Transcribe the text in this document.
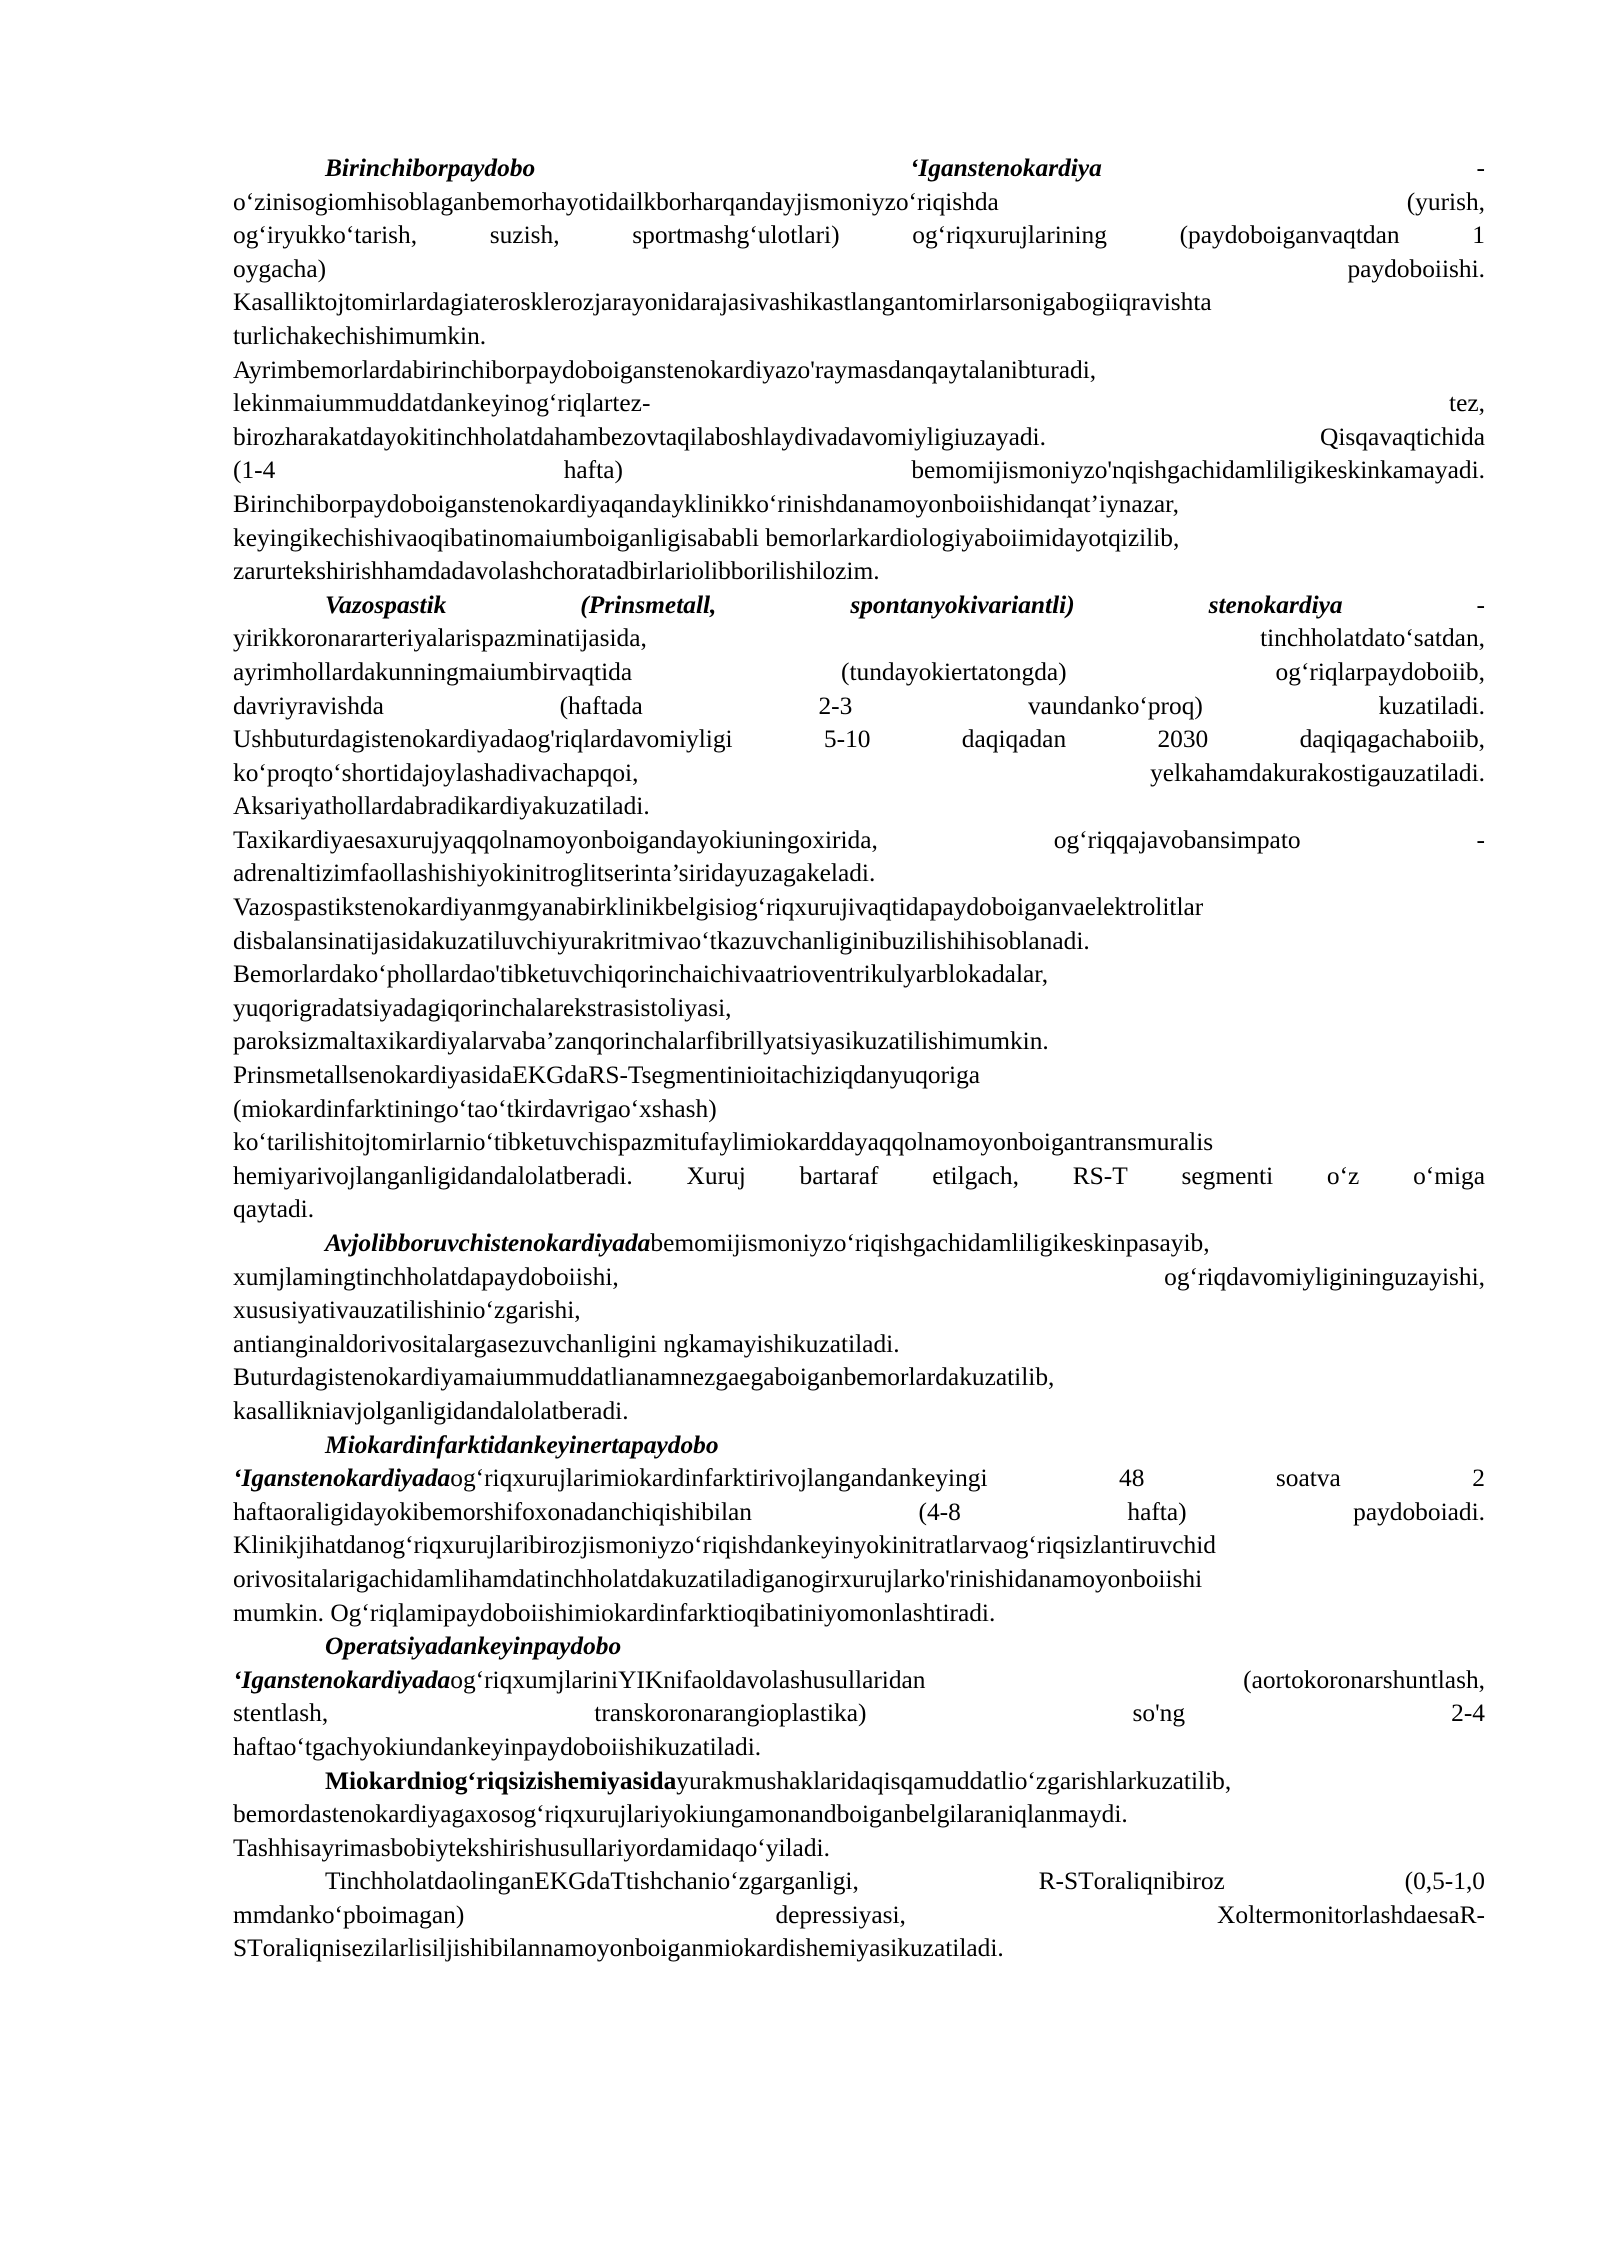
Birinchiborpaydobo	‘Iganstenokardiya	-
o‘zinisogiomhisoblaganbemorhayotidailkborharqandayjismoniyzo‘riqishda	(yurish,
og‘iryukko‘tarish,	suzish,	sportmashg‘ulotlari)	og‘riqxurujlarining	(paydoboiganvaqtdan	1
oygacha)	paydoboiishi.
Kasalliktojtomirlardagiaterosklerozjarayonidarajasivashikastlangantomirlarsonigabogiiqravishta
turlichakechishimumkin.
Ayrimbemorlardabirinchiborpaydoboiganstenokardiyazo'raymasdanqaytalanibturadi,
lekinmaiummuddatdankeyinog‘riqlartez-	tez,
birozharakatdayokitinchholatdahambezovtaqilaboshlaydivadavomiyligiuzayadi.	Qisqavaqtichida
(1-4	hafta)	bemomijismoniyzo'nqishgachidamliligikeskinkamayadi.
Birinchiborpaydoboiganstenokardiyaqandayklinikko‘rinishdanamoyonboiishidanqat’iynazar,
keyingikechishivaoqibatinomaiumboiganligisababli bemorlarkardiologiyaboiimidayotqizilib,
zarurtekshirishhamdadavolashchoratadbirlariolibborilishilozim.
Vazospastik	(Prinsmetall,	spontanyokivariantli)	stenokardiya	-
yirikkoronararteriyalarispazminatijasida,	tinchholatdato‘satdan,
ayrimhollardakunningmaiumbirvaqtida	(tundayokiertatongda)	og‘riqlarpaydoboiib,
davriyravishda	(haftada	2-3	vaundanko‘proq)	kuzatiladi.
Ushbuturdagistenokardiyadaog'riqlardavomiyligi	5-10	daqiqadan	2030	daqiqagachaboiib,
ko‘proqto‘shortidajoylashadivachapqoi,	yelkahamdakurakostigauzatiladi.
Aksariyathollardabradikardiyakuzatiladi.
Taxikardiyaesaxurujyaqqolnamoyonboigandayokiuningoxirida,	og‘riqqajavobansimpato	-
adrenaltizimfaollashishiyokinitroglitserinta’siridayuzagakeladi.
Vazospastikstenokardiyanmgyanabirklinikbelgisiog‘riqxurujivaqtidapaydoboiganvaelektrolitlar
disbalansinatijasidakuzatiluvchiyurakritmivao‘tkazuvchanliginibuzilishihisoblanadi.
Bemorlardako‘phollardao'tibketuvchiqorinchaichivaatrioventrikulyarblokadalar,
yuqorigradatsiyadagiqorinchalarekstrasistoliyasi,
paroksizmaltaxikardiyalarvaba’zanqorinchalarfibrillyatsiyasikuzatilishimumkin.
PrinsmetallsenokardiyasidaEKGdaRS-Tsegmentinioitachiziqdanyuqoriga
(miokardinfarktiningo‘tao‘tkirdavrigao‘xshash)
ko‘tarilishitojtomirlarnio‘tibketuvchispazmitufaylimiokarddayaqqolnamoyonboigantransmuralis
hemiyarivojlanganligidandalolatberadi. Xuruj bartaraf etilgach, RS-T segmenti o‘z o‘miga
qaytadi.
Avjolibboruvchistenokardiyadabemomijismoniyzo‘riqishgachidamliligikeskinpasayib,
xumjlamingtinchholatdapaydoboiishi,	og‘riqdavomiyligininguzayishi,
xususiyativauzatilishinio‘zgarishi,
antianginaldorivositalargasezuvchanligini ngkamayishikuzatiladi.
Buturdagistenokardiyamaiummuddatlianamnezgaegaboiganbemorlardakuzatilib,
kasallikniavjolganligidandalolatberadi.
Miokardinfarktidankeyinertapaydobo
‘Iganstenokardiyadaog‘riqxurujlarimiokardinfarktirivojlangandankeyingi	48	soatva	2
haftaoraligidayokibemorshifoxonadanchiqishibilan	(4-8	hafta)	paydoboiadi.
Klinikjihatdanog‘riqxurujlaribirozjismoniyzo‘riqishdankeyinyokinitratlarvaog‘riqsizlantiruvchid
orivositalarigachidamlihamdatinchholatdakuzatiladiganogirxurujlarko'rinishidanamoyonboiishi
mumkin. Og‘riqlamipaydoboiishimiokardinfarktioqibatiniyomonlashtiradi.
Operatsiyadankeyinpaydobo
‘Iganstenokardiyadaog‘riqxumjlariniYIKnifaoldavolashusullaridan	(aortokoronarshuntlash,
stentlash,	transkoronarangioplastika)	so'ng	2-4
haftao‘tgachyokiundankeyinpaydoboiishikuzatiladi.
Miokardniog‘riqsizishemiyasidayurakmushaklaridaqisqamuddatlio‘zgarishlarkuzatilib,
bemordastenokardiyagaxosog‘riqxurujlariyokiungamonandboiganbelgilaraniqlanmaydi.
Tashhisayrimasbobiytekshirishusullariyordamidaqo‘yiladi.
TinchholatdaolinganEKGdaTtishchanio‘zgarganligi,	R-STоraliqnibiroz	(0,5-1,0
mmdanko‘pboimagan)	depressiyasi,	XoltermonitorlashdaesaR-
STоraliqnisezilarlisiljishibilannamoyonboiganmiokardishemiyasikuzatiladi.
